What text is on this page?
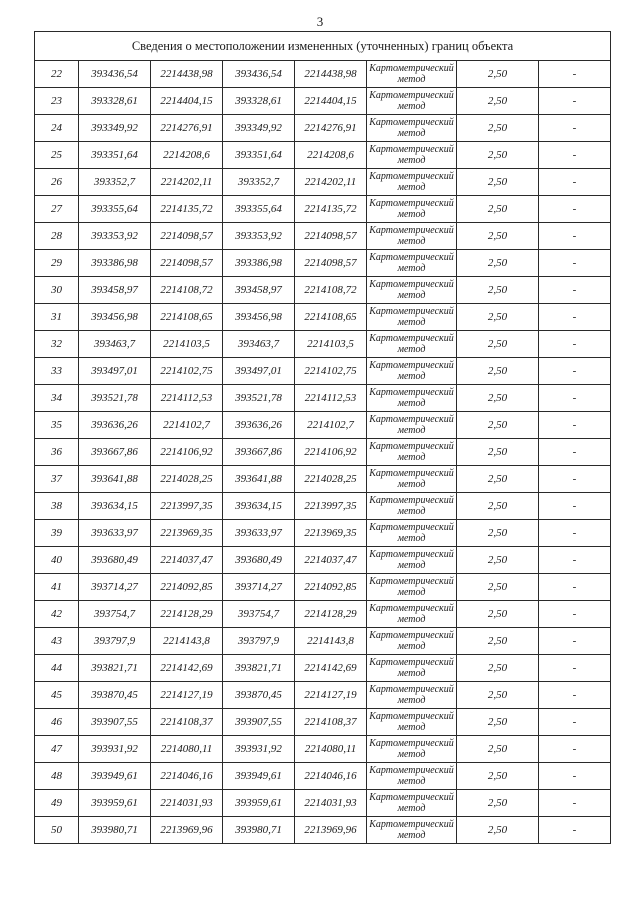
3
Сведения о местоположении измененных (уточненных) границ объекта							
22	393436,54	2214438,98	393436,54	2214438,98		Картометрический метод	2,50	-
23	393328,61	2214404,15	393328,61	2214404,15		Картометрический метод	2,50	-
24	393349,92	2214276,91	393349,92	2214276,91		Картометрический метод	2,50	-
25	393351,64	2214208,6	393351,64	2214208,6		Картометрический метод	2,50	-
26	393352,7	2214202,11	393352,7	2214202,11		Картометрический метод	2,50	-
27	393355,64	2214135,72	393355,64	2214135,72		Картометрический метод	2,50	-
28	393353,92	2214098,57	393353,92	2214098,57		Картометрический метод	2,50	-
29	393386,98	2214098,57	393386,98	2214098,57		Картометрический метод	2,50	-
30	393458,97	2214108,72	393458,97	2214108,72		Картометрический метод	2,50	-
31	393456,98	2214108,65	393456,98	2214108,65		Картометрический метод	2,50	-
32	393463,7	2214103,5	393463,7	2214103,5		Картометрический метод	2,50	-
33	393497,01	2214102,75	393497,01	2214102,75		Картометрический метод	2,50	-
34	393521,78	2214112,53	393521,78	2214112,53		Картометрический метод	2,50	-
35	393636,26	2214102,7	393636,26	2214102,7		Картометрический метод	2,50	-
36	393667,86	2214106,92	393667,86	2214106,92		Картометрический метод	2,50	-
37	393641,88	2214028,25	393641,88	2214028,25		Картометрический метод	2,50	-
38	393634,15	2213997,35	393634,15	2213997,35		Картометрический метод	2,50	-
39	393633,97	2213969,35	393633,97	2213969,35		Картометрический метод	2,50	-
40	393680,49	2214037,47	393680,49	2214037,47		Картометрический метод	2,50	-
41	393714,27	2214092,85	393714,27	2214092,85		Картометрический метод	2,50	-
42	393754,7	2214128,29	393754,7	2214128,29		Картометрический метод	2,50	-
43	393797,9	2214143,8	393797,9	2214143,8		Картометрический метод	2,50	-
44	393821,71	2214142,69	393821,71	2214142,69		Картометрический метод	2,50	-
45	393870,45	2214127,19	393870,45	2214127,19		Картометрический метод	2,50	-
46	393907,55	2214108,37	393907,55	2214108,37		Картометрический метод	2,50	-
47	393931,92	2214080,11	393931,92	2214080,11		Картометрический метод	2,50	-
48	393949,61	2214046,16	393949,61	2214046,16		Картометрический метод	2,50	-
49	393959,61	2214031,93	393959,61	2214031,93		Картометрический метод	2,50	-
50	393980,71	2213969,96	393980,71	2213969,96		Картометрический метод	2,50	-
